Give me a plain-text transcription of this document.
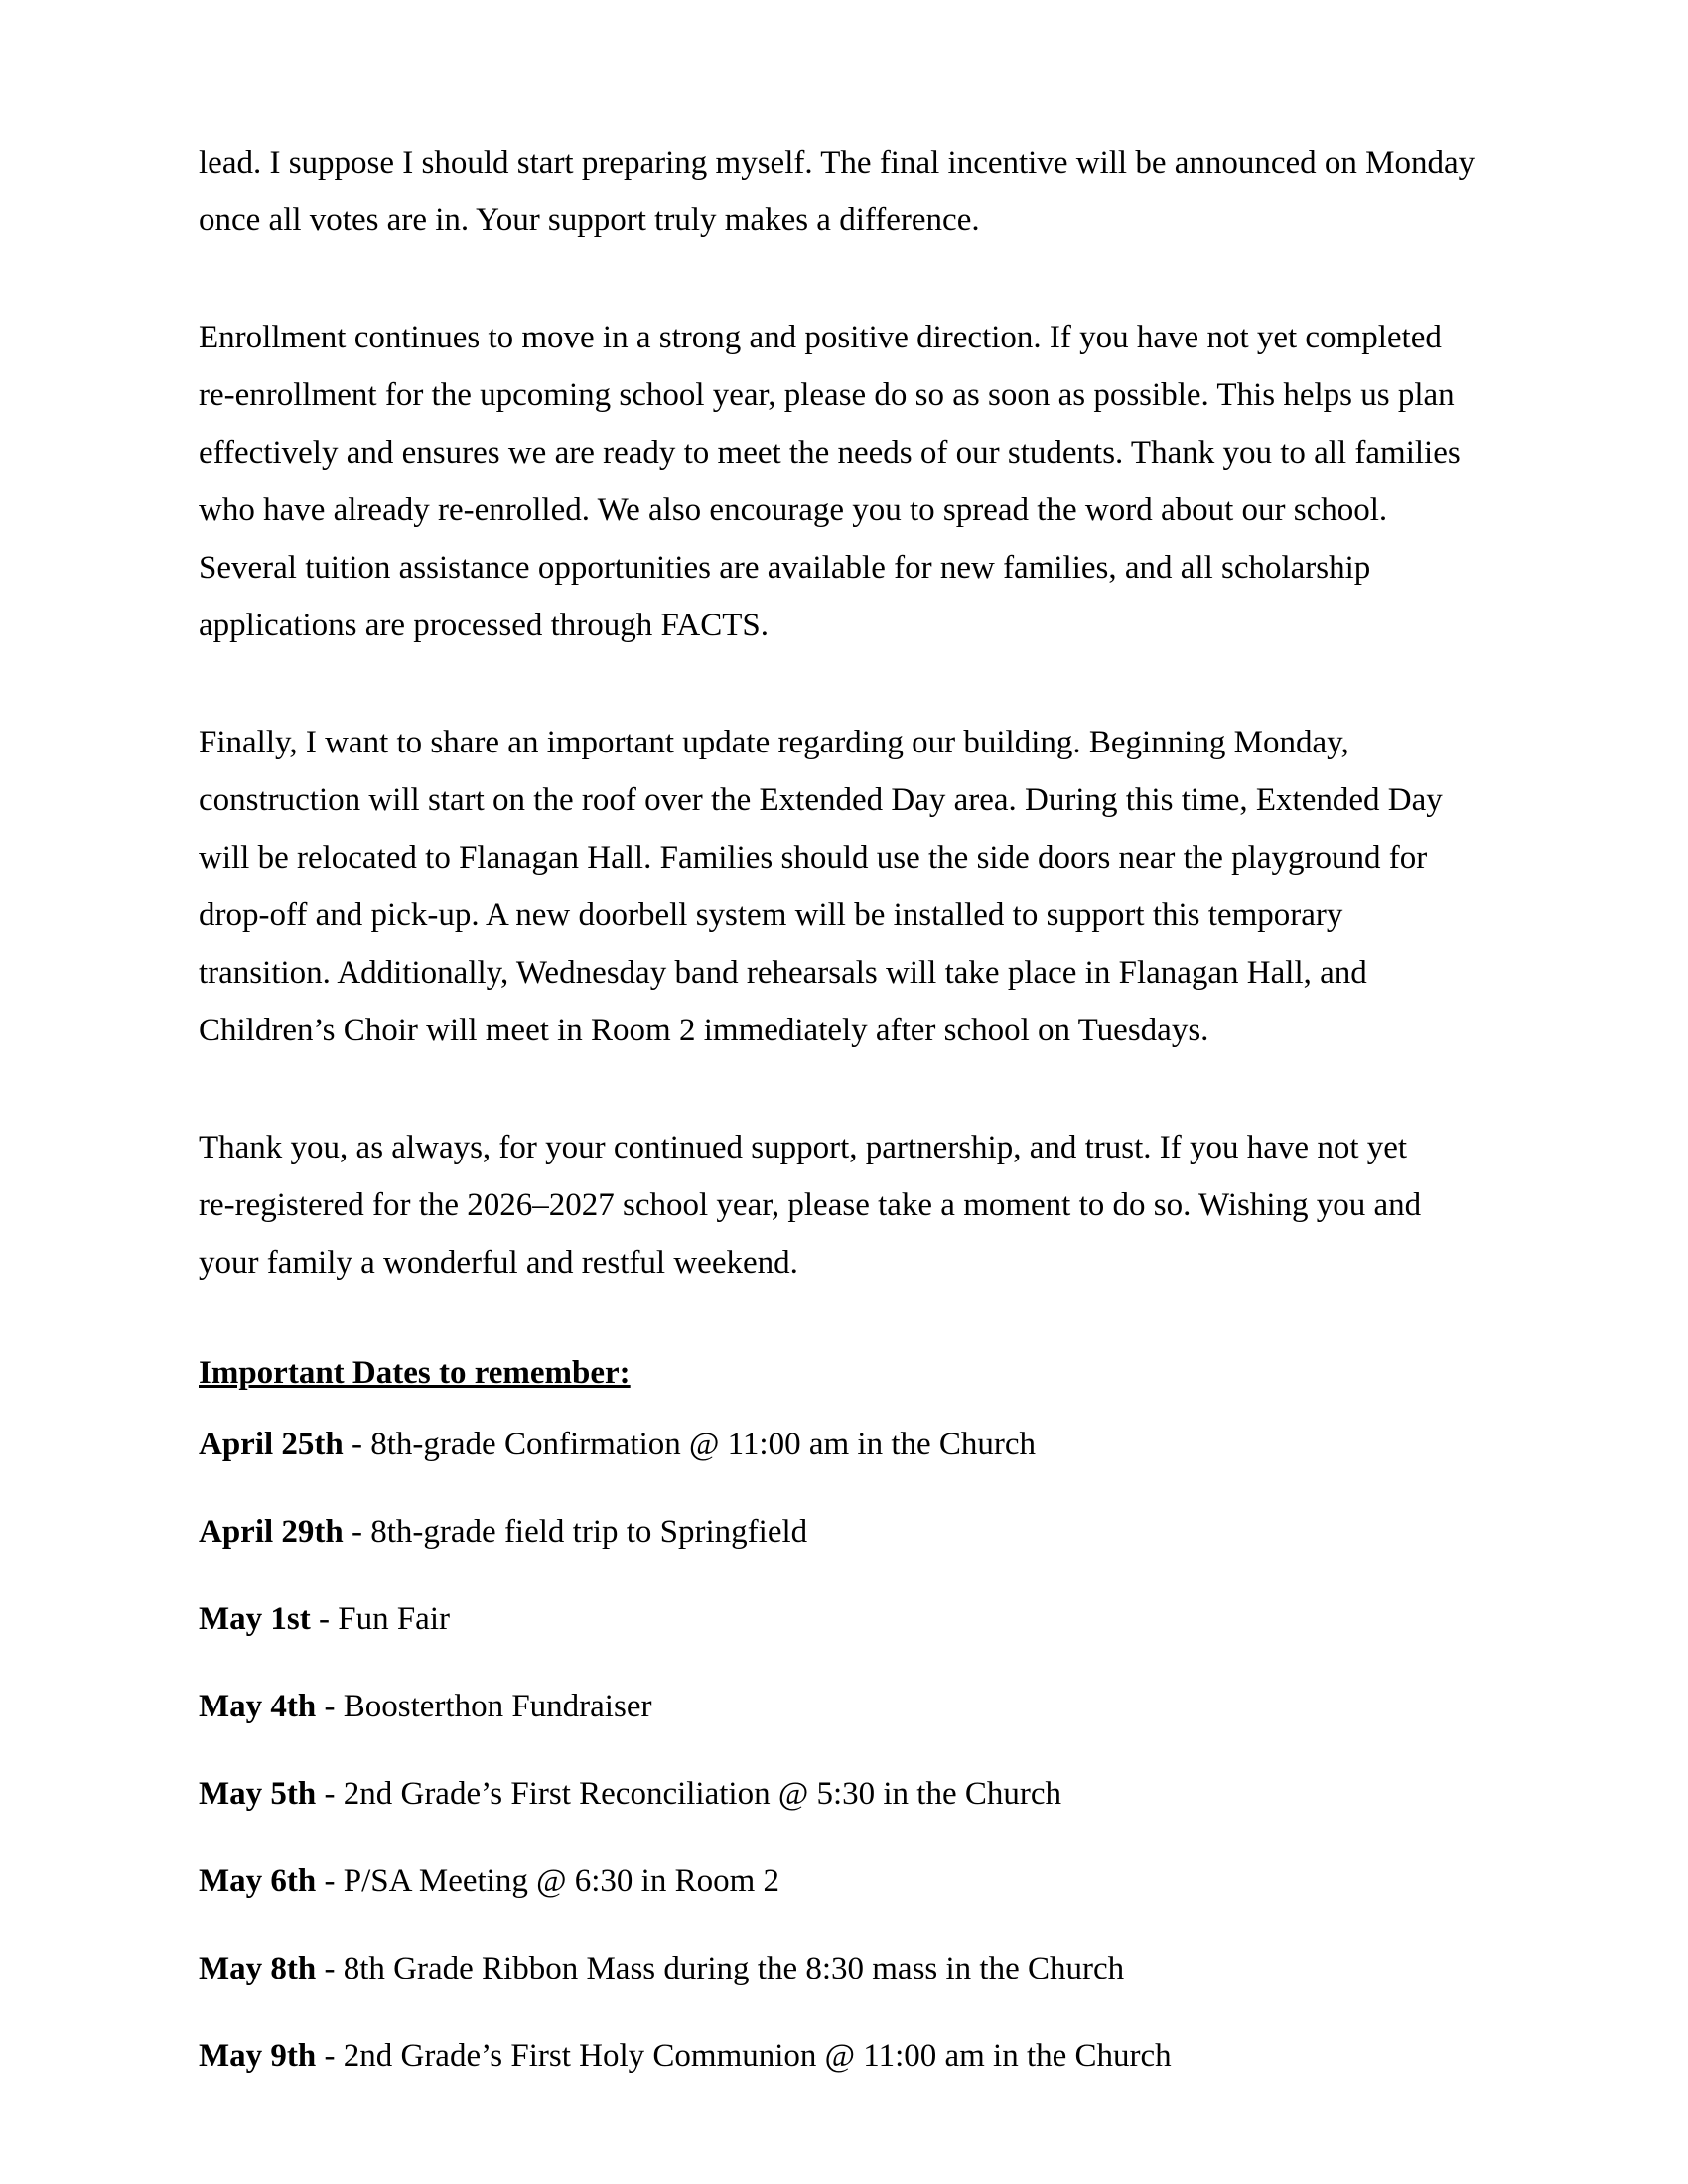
lead. I suppose I should start preparing myself. The final incentive will be announced on Monday
once all votes are in. Your support truly makes a difference.
Enrollment continues to move in a strong and positive direction. If you have not yet completed
re-enrollment for the upcoming school year, please do so as soon as possible. This helps us plan
effectively and ensures we are ready to meet the needs of our students. Thank you to all families
who have already re-enrolled. We also encourage you to spread the word about our school.
Several tuition assistance opportunities are available for new families, and all scholarship
applications are processed through FACTS.
Finally, I want to share an important update regarding our building. Beginning Monday,
construction will start on the roof over the Extended Day area. During this time, Extended Day
will be relocated to Flanagan Hall. Families should use the side doors near the playground for
drop-off and pick-up. A new doorbell system will be installed to support this temporary
transition. Additionally, Wednesday band rehearsals will take place in Flanagan Hall, and
Children’s Choir will meet in Room 2 immediately after school on Tuesdays.
Thank you, as always, for your continued support, partnership, and trust. If you have not yet
re-registered for the 2026–2027 school year, please take a moment to do so. Wishing you and
your family a wonderful and restful weekend.
Important Dates to remember:
April 25th - 8th-grade Confirmation @ 11:00 am in the Church
April 29th - 8th-grade field trip to Springfield
May 1st - Fun Fair
May 4th - Boosterthon Fundraiser
May 5th - 2nd Grade’s First Reconciliation @ 5:30 in the Church
May 6th - P/SA Meeting @ 6:30 in Room 2
May 8th - 8th Grade Ribbon Mass during the 8:30 mass in the Church
May 9th - 2nd Grade’s First Holy Communion @ 11:00 am in the Church
